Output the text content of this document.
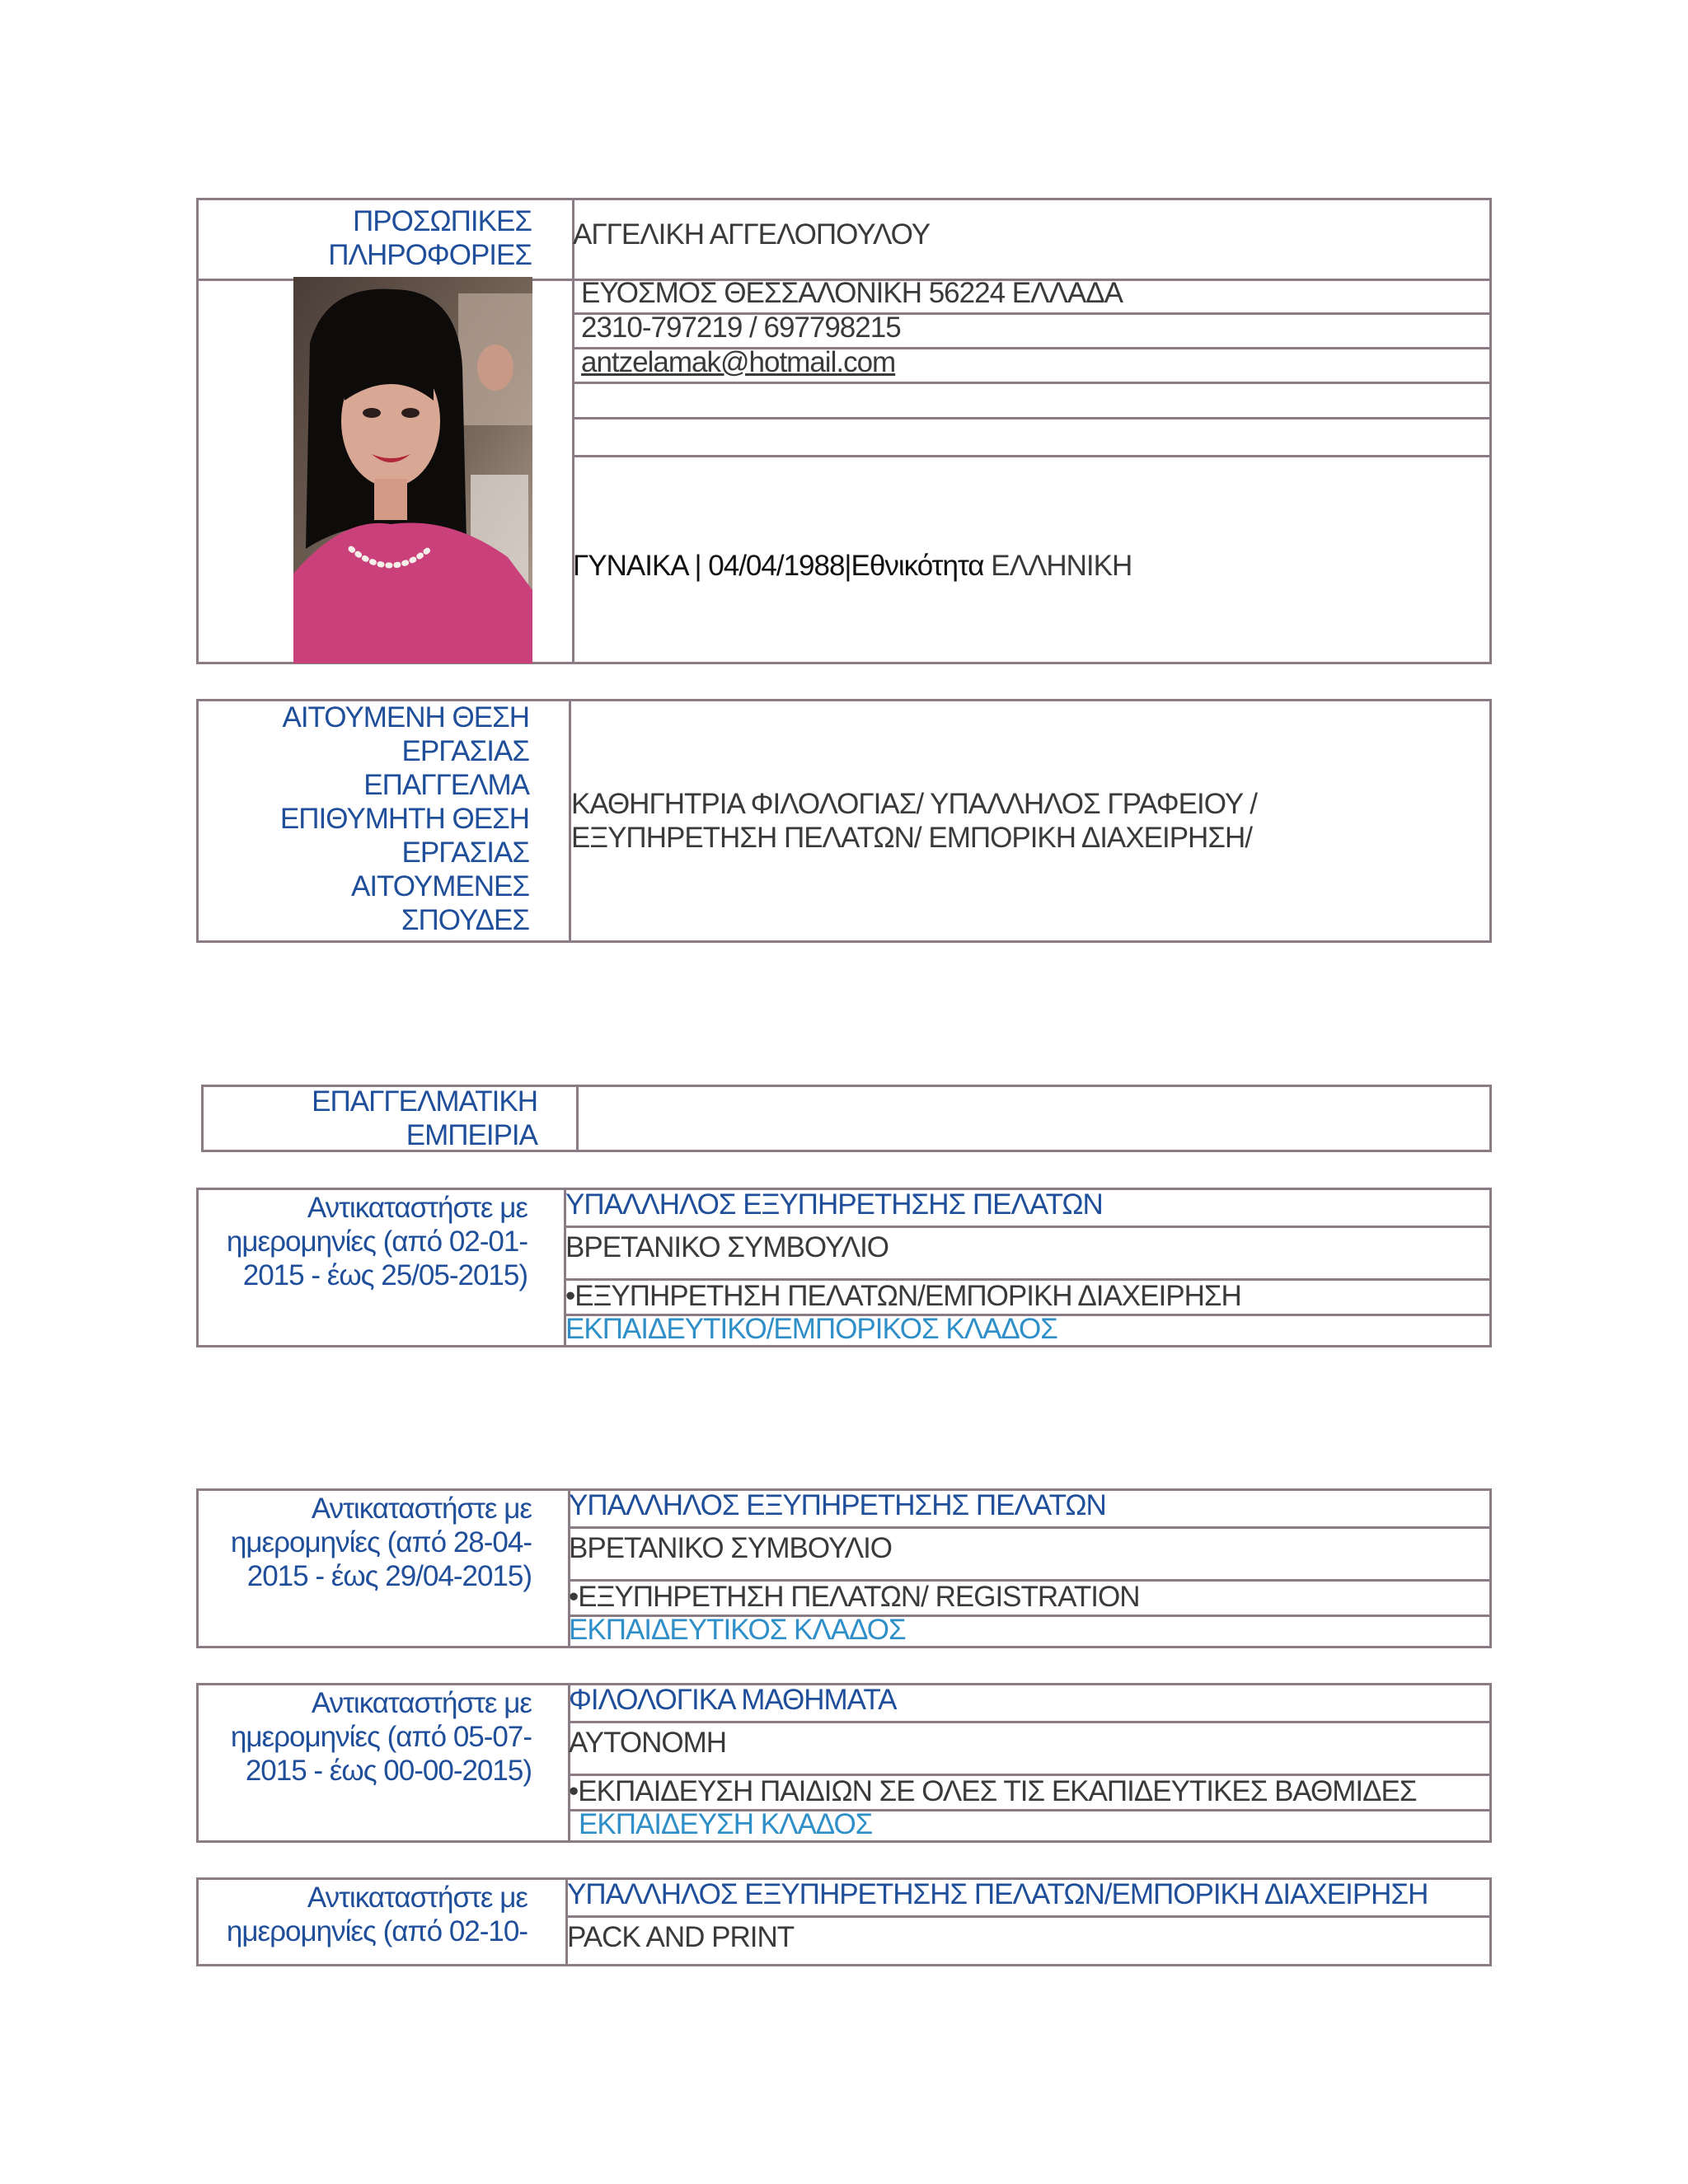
ΠΡΟΣΩΠΙΚΕΣ ΠΛΗΡΟΦΟΡΙΕΣ
ΑΓΓΕΛΙΚΗ ΑΓΓΕΛΟΠΟΥΛΟΥ
ΕΥΟΣΜΟΣ ΘΕΣΣΑΛΟΝΙΚΗ 56224 ΕΛΛΑΔΑ
2310-797219 / 697798215
antzelamak@hotmail.com
ΓΥΝΑΙΚΑ | 04/04/1988|Εθνικότητα ΕΛΛΗΝΙΚΗ
ΑΙΤΟΥΜΕΝΗ ΘΕΣΗ
ΕΡΓΑΣΙΑΣ
ΕΠΑΓΓΕΛΜΑ
ΕΠΙΘΥΜΗΤΗ ΘΕΣΗ
ΕΡΓΑΣΙΑΣ
ΑΙΤΟΥΜΕΝΕΣ
ΣΠΟΥΔΕΣ
ΚΑΘΗΓΗΤΡΙΑ ΦΙΛΟΛΟΓΙΑΣ/ ΥΠΑΛΛΗΛΟΣ ΓΡΑΦΕΙΟΥ /
ΕΞΥΠΗΡΕΤΗΣΗ ΠΕΛΑΤΩΝ/ ΕΜΠΟΡΙΚΗ ΔΙΑΧΕΙΡΗΣΗ/
ΕΠΑΓΓΕΛΜΑΤΙΚΗ
ΕΜΠΕΙΡΙΑ
Αντικαταστήστε με
ημερομηνίες (από 02-01-
2015 - έως 25/05-2015)
ΥΠΑΛΛΗΛΟΣ ΕΞΥΠΗΡΕΤΗΣΗΣ ΠΕΛΑΤΩΝ
ΒΡΕΤΑΝΙΚΟ ΣΥΜΒΟΥΛΙΟ
•ΕΞΥΠΗΡΕΤΗΣΗ ΠΕΛΑΤΩΝ/ΕΜΠΟΡΙΚΗ ΔΙΑΧΕΙΡΗΣΗ
ΕΚΠΑΙΔΕΥΤΙΚΟ/ΕΜΠΟΡΙΚΟΣ ΚΛΑΔΟΣ
Αντικαταστήστε με
ημερομηνίες (από 28-04-
2015 - έως 29/04-2015)
ΥΠΑΛΛΗΛΟΣ ΕΞΥΠΗΡΕΤΗΣΗΣ ΠΕΛΑΤΩΝ
ΒΡΕΤΑΝΙΚΟ ΣΥΜΒΟΥΛΙΟ
•ΕΞΥΠΗΡΕΤΗΣΗ ΠΕΛΑΤΩΝ/ REGISTRATION
ΕΚΠΑΙΔΕΥΤΙΚΟΣ ΚΛΑΔΟΣ
Αντικαταστήστε με
ημερομηνίες (από 05-07-
2015 - έως 00-00-2015)
ΦΙΛΟΛΟΓΙΚΑ ΜΑΘΗΜΑΤΑ
ΑΥΤΟΝΟΜΗ
•ΕΚΠΑΙΔΕΥΣΗ ΠΑΙΔΙΩΝ ΣΕ ΟΛΕΣ ΤΙΣ ΕΚΑΠΙΔΕΥΤΙΚΕΣ ΒΑΘΜΙΔΕΣ
ΕΚΠΑΙΔΕΥΣΗ ΚΛΑΔΟΣ
Αντικαταστήστε με
ημερομηνίες (από 02-10-
ΥΠΑΛΛΗΛΟΣ ΕΞΥΠΗΡΕΤΗΣΗΣ ΠΕΛΑΤΩΝ/ΕΜΠΟΡΙΚΗ ΔΙΑΧΕΙΡΗΣΗ
PACK AND PRINT
